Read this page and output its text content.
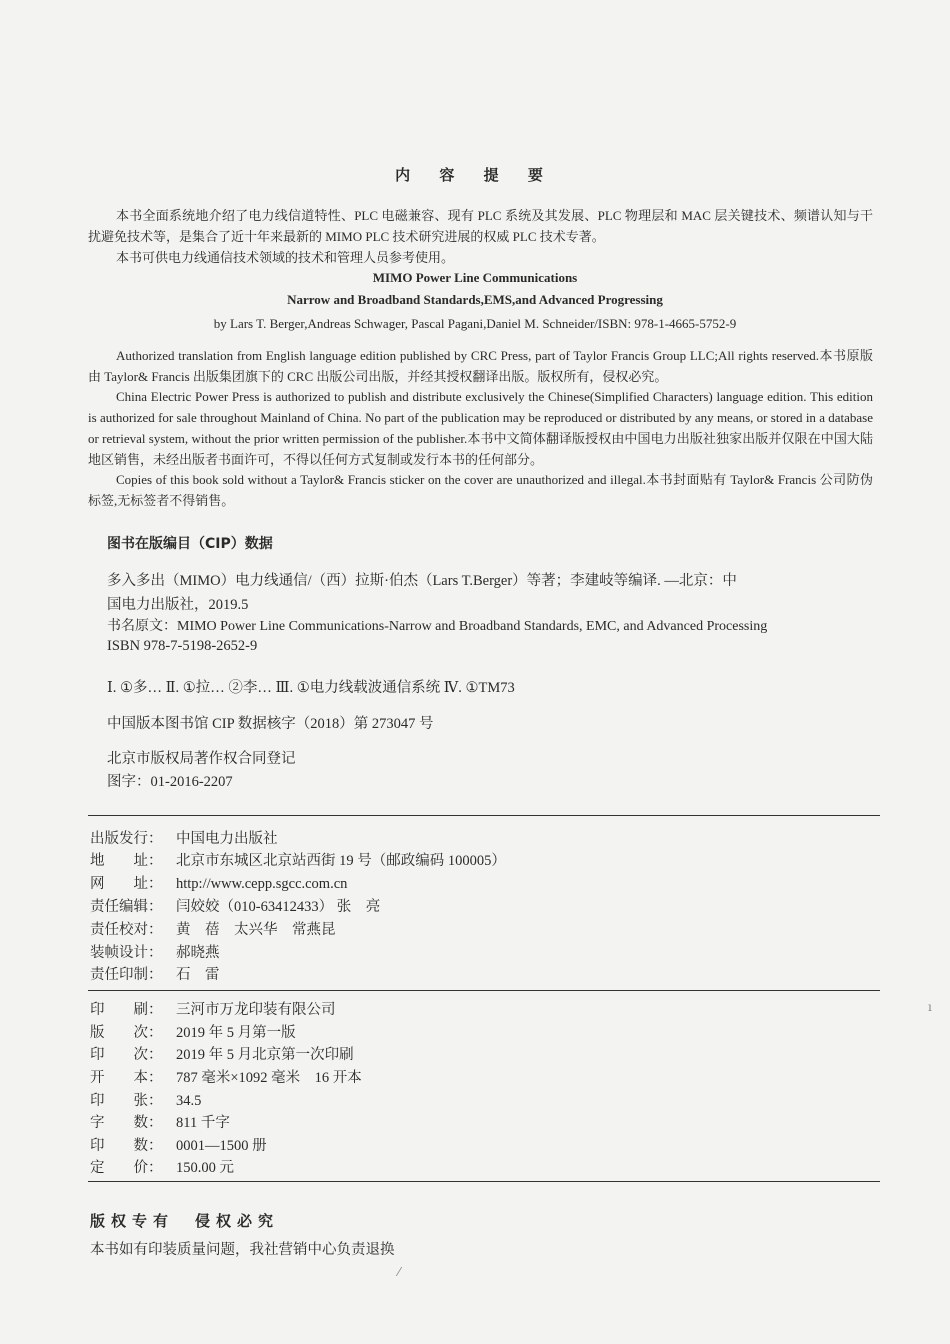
内 容 提 要
本书全面系统地介绍了电力线信道特性、PLC 电磁兼容、现有 PLC 系统及其发展、PLC 物理层和 MAC 层关键技术、频谱认知与干扰避免技术等，是集合了近十年来最新的 MIMO PLC 技术研究进展的权威 PLC 技术专著。
本书可供电力线通信技术领域的技术和管理人员参考使用。
MIMO Power Line Communications
Narrow and Broadband Standards,EMS,and Advanced Progressing
by Lars T. Berger,Andreas Schwager, Pascal Pagani,Daniel M. Schneider/ISBN: 978-1-4665-5752-9
Authorized translation from English language edition published by CRC Press, part of Taylor Francis Group LLC;All rights reserved.本书原版由 Taylor& Francis 出版集团旗下的 CRC 出版公司出版，并经其授权翻译出版。版权所有，侵权必究。
China Electric Power Press is authorized to publish and distribute exclusively the Chinese(Simplified Characters) language edition. This edition is authorized for sale throughout Mainland of China. No part of the publication may be reproduced or distributed by any means, or stored in a database or retrieval system, without the prior written permission of the publisher.本书中文简体翻译版授权由中国电力出版社独家出版并仅限在中国大陆地区销售，未经出版者书面许可，不得以任何方式复制或发行本书的任何部分。
Copies of this book sold without a Taylor& Francis sticker on the cover are unauthorized and illegal.本书封面贴有 Taylor& Francis 公司防伪标签,无标签者不得销售。
图书在版编目（CIP）数据
多入多出（MIMO）电力线通信/（西）拉斯·伯杰（Lars T.Berger）等著；李建岐等编译. —北京：中
国电力出版社，2019.5
书名原文：MIMO Power Line Communications-Narrow and Broadband Standards, EMC, and Advanced Processing
ISBN 978-7-5198-2652-9
Ⅰ. ①多… Ⅱ. ①拉… ②李… Ⅲ. ①电力线载波通信系统 Ⅳ. ①TM73
中国版本图书馆 CIP 数据核字（2018）第 273047 号
北京市版权局著作权合同登记
图字：01-2016-2207
出版发行： 中国电力出版社
地　　址： 北京市东城区北京站西街 19 号（邮政编码 100005）
网　　址： http://www.cepp.sgcc.com.cn
责任编辑： 闫姣姣（010-63412433） 张　亮
责任校对： 黄　蓓　太兴华　常燕昆
装帧设计： 郝晓燕
责任印制： 石　雷
印　　刷： 三河市万龙印装有限公司
版　　次： 2019 年 5 月第一版
印　　次： 2019 年 5 月北京第一次印刷
开　　本： 787 毫米×1092 毫米　16 开本
印　　张： 34.5
字　　数： 811 千字
印　　数： 0001—1500 册
定　　价： 150.00 元
版权专有　侵权必究
本书如有印装质量问题，我社营销中心负责退换
ı
⁄
